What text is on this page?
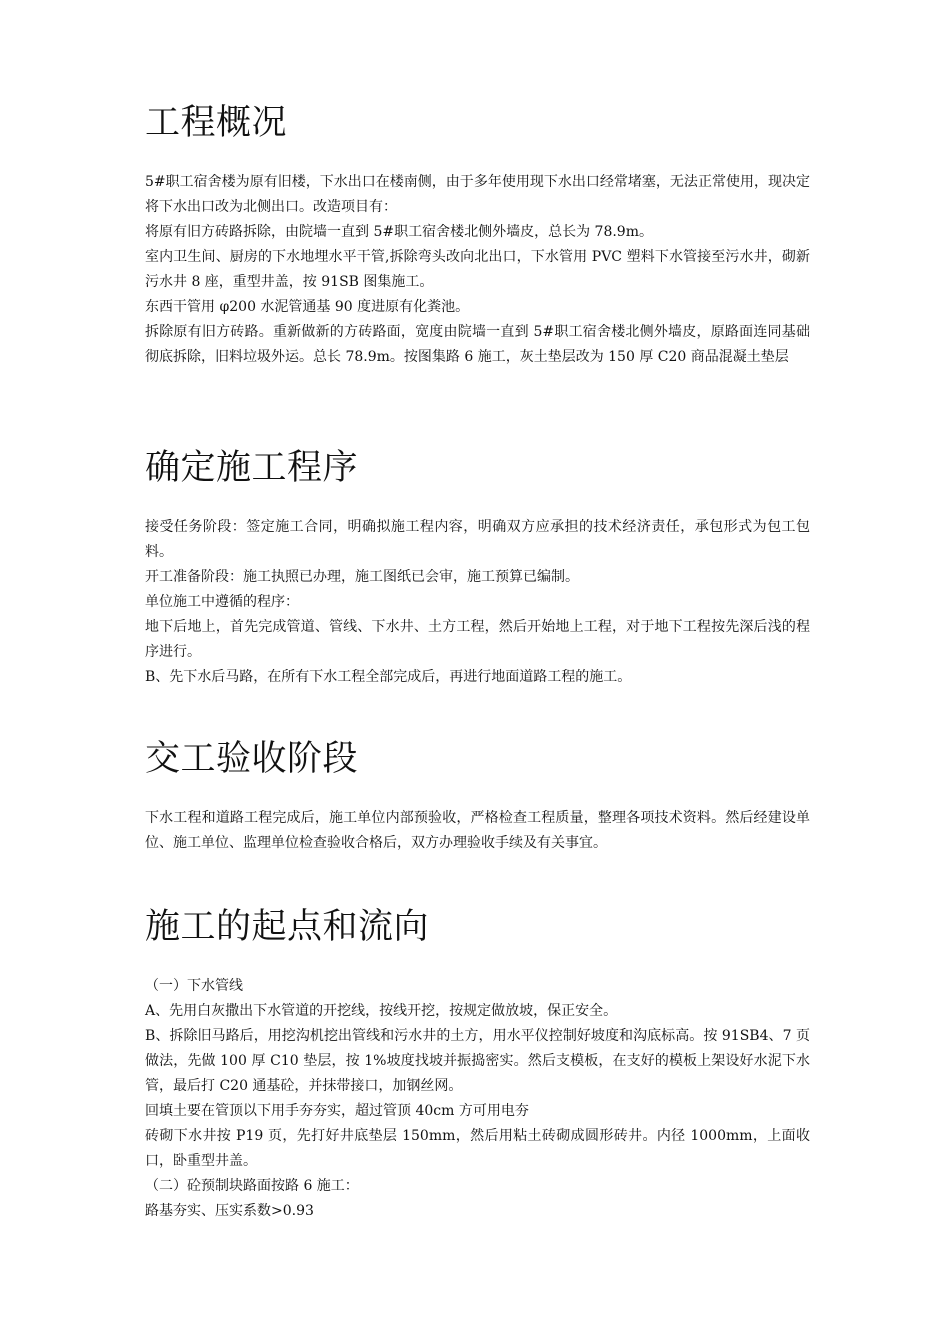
工程概况

5#职工宿舍楼为原有旧楼，下水出口在楼南侧，由于多年使用现下水出口经常堵塞，无法正常使用，现决定将下水出口改为北侧出口。改造项目有：

将原有旧方砖路拆除，由院墙一直到 5#职工宿舍楼北侧外墙皮，总长为 78.9m。

室内卫生间、厨房的下水地埋水平干管,拆除弯头改向北出口，下水管用 PVC 塑料下水管接至污水井，砌新污水井 8 座，重型井盖，按 91SB 图集施工。

东西干管用 φ200 水泥管通基 90 度进原有化粪池。

拆除原有旧方砖路。重新做新的方砖路面，宽度由院墙一直到 5#职工宿舍楼北侧外墙皮，原路面连同基础彻底拆除，旧料垃圾外运。总长 78.9m。按图集路 6 施工，灰土垫层改为 150 厚 C20 商品混凝土垫层

确定施工程序

接受任务阶段：签定施工合同，明确拟施工程内容，明确双方应承担的技术经济责任，承包形式为包工包料。

开工准备阶段：施工执照已办理，施工图纸已会审，施工预算已编制。

单位施工中遵循的程序：

地下后地上，首先完成管道、管线、下水井、土方工程，然后开始地上工程，对于地下工程按先深后浅的程序进行。

B、先下水后马路，在所有下水工程全部完成后，再进行地面道路工程的施工。

交工验收阶段

下水工程和道路工程完成后，施工单位内部预验收，严格检查工程质量，整理各项技术资料。然后经建设单位、施工单位、监理单位检查验收合格后，双方办理验收手续及有关事宜。

施工的起点和流向

（一）下水管线

A、先用白灰撒出下水管道的开挖线，按线开挖，按规定做放坡，保正安全。

B、拆除旧马路后，用挖沟机挖出管线和污水井的土方，用水平仪控制好坡度和沟底标高。按 91SB4、7 页做法，先做 100 厚 C10 垫层，按 1%坡度找坡并振捣密实。然后支模板，在支好的模板上架设好水泥下水管，最后打 C20 通基砼，并抹带接口，加钢丝网。

回填土要在管顶以下用手夯夯实，超过管顶 40cm 方可用电夯

砖砌下水井按 P19 页，先打好井底垫层 150mm，然后用粘土砖砌成圆形砖井。内径 1000mm，上面收口，卧重型井盖。

（二）砼预制块路面按路 6 施工：

路基夯实、压实系数>0.93
